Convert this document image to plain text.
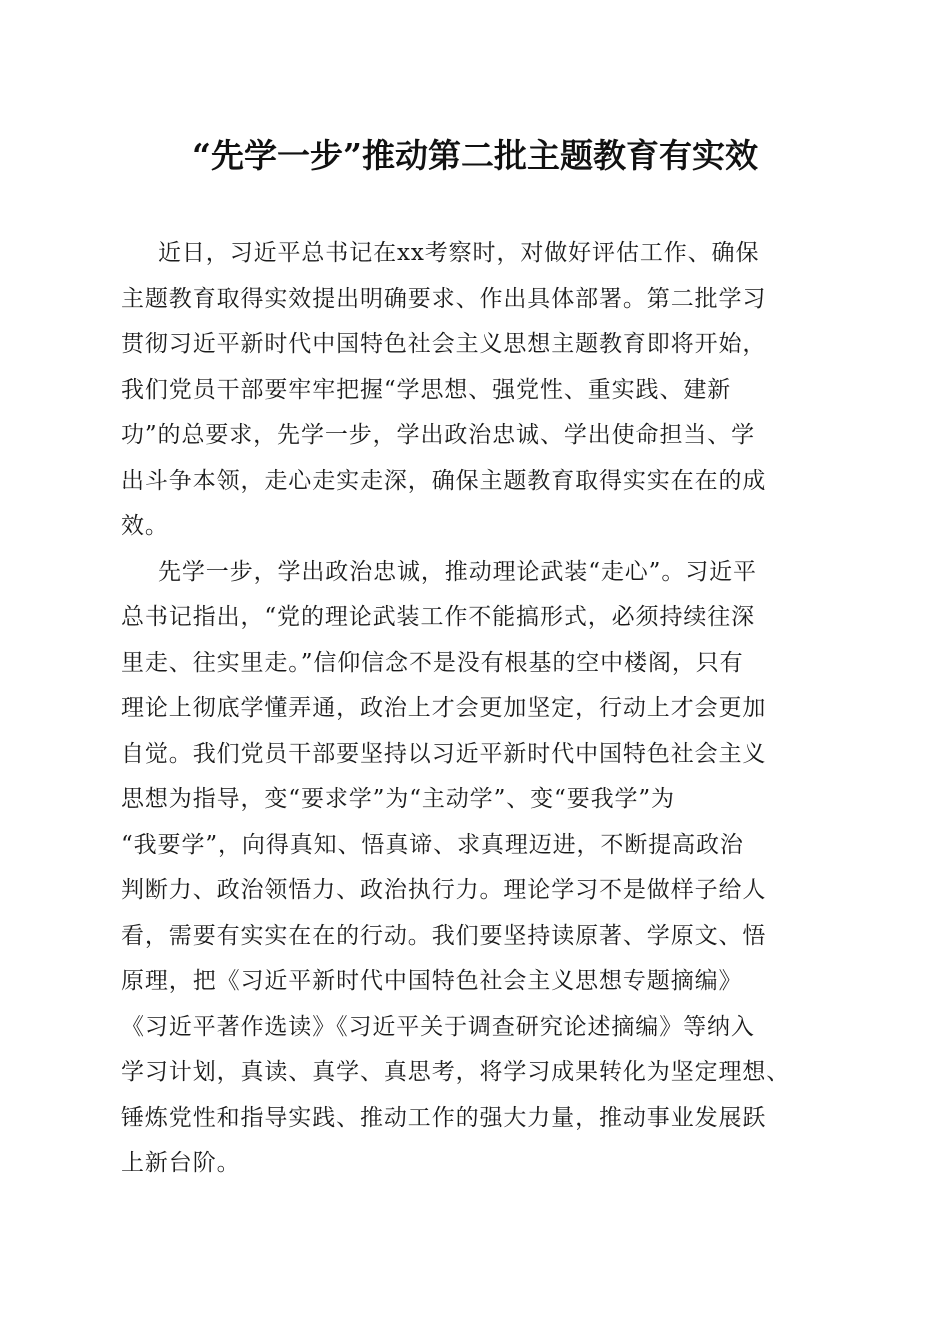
“先学一步”推动第二批主题教育有实效
近日，习近平总书记在xx考察时，对做好评估工作、确保
主题教育取得实效提出明确要求、作出具体部署。第二批学习
贯彻习近平新时代中国特色社会主义思想主题教育即将开始，
我们党员干部要牢牢把握“学思想、强党性、重实践、建新
功”的总要求，先学一步，学出政治忠诚、学出使命担当、学
出斗争本领，走心走实走深，确保主题教育取得实实在在的成
效。
先学一步，学出政治忠诚，推动理论武装“走心”。习近平
总书记指出，“党的理论武装工作不能搞形式，必须持续往深
里走、往实里走。”信仰信念不是没有根基的空中楼阁，只有
理论上彻底学懂弄通，政治上才会更加坚定，行动上才会更加
自觉。我们党员干部要坚持以习近平新时代中国特色社会主义
思想为指导，变“要求学”为“主动学”、变“要我学”为
“我要学”，向得真知、悟真谛、求真理迈进，不断提高政治
判断力、政治领悟力、政治执行力。理论学习不是做样子给人
看，需要有实实在在的行动。我们要坚持读原著、学原文、悟
原理，把《习近平新时代中国特色社会主义思想专题摘编》
《习近平著作选读》《习近平关于调查研究论述摘编》等纳入
学习计划，真读、真学、真思考，将学习成果转化为坚定理想、
锤炼党性和指导实践、推动工作的强大力量，推动事业发展跃
上新台阶。
